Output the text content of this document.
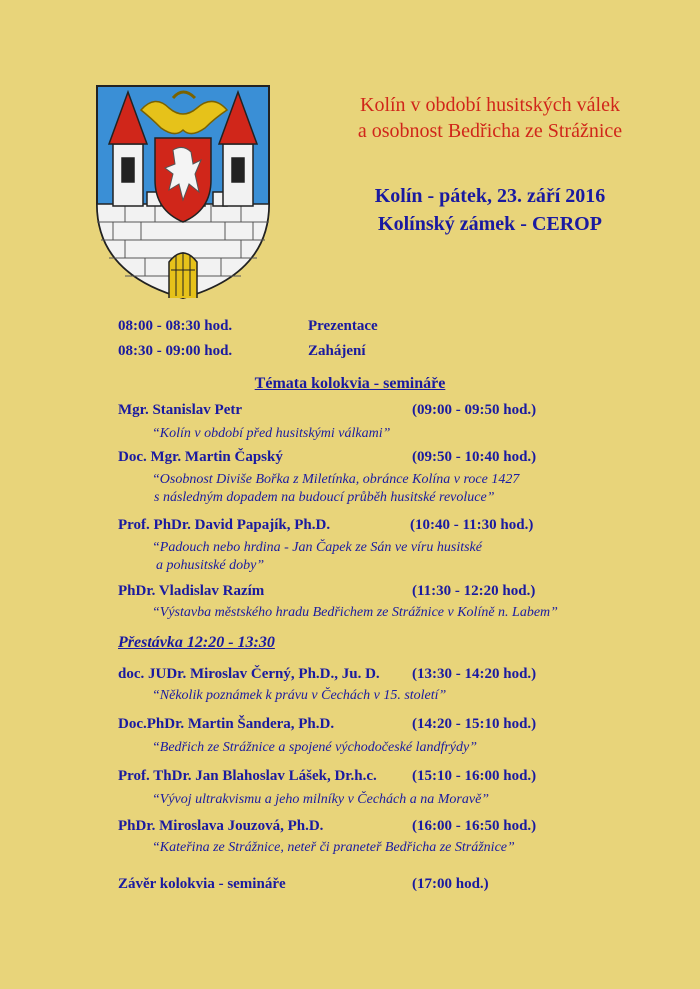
Kolín v období husitských válek
a osobnost Bedřicha ze Strážnice
Kolín - pátek, 23. září 2016
Kolínský zámek - CEROP
08:00 - 08:30 hod.	Prezentace
08:30 - 09:00 hod.	Zahájení
Témata kolokvia - semináře
Mgr. Stanislav Petr	(09:00 - 09:50 hod.)
“Kolín v období před husitskými válkami”
Doc. Mgr. Martin Čapský	(09:50 - 10:40 hod.)
“Osobnost Diviše Bořka z Miletínka, obránce Kolína v roce 1427
s následným dopadem na budoucí průběh husitské revoluce”
Prof. PhDr. David Papajík, Ph.D.	(10:40 - 11:30 hod.)
“Padouch nebo hrdina - Jan Čapek ze Sán ve víru husitské
a pohusitské doby”
PhDr. Vladislav Razím	(11:30 - 12:20 hod.)
“Výstavba městského hradu Bedřichem ze Strážnice v Kolíně n. Labem”
Přestávka 12:20 - 13:30
doc. JUDr. Miroslav Černý, Ph.D., Ju. D. (13:30 - 14:20 hod.)
“Několik poznámek k právu v Čechách v 15. století”
Doc.PhDr. Martin Šandera, Ph.D.	(14:20 - 15:10 hod.)
“Bedřich ze Strážnice a spojené východočeské landfrýdy”
Prof. ThDr. Jan Blahoslav Lášek, Dr.h.c. (15:10 - 16:00 hod.)
“Vývoj ultrakvismu a jeho milníky v Čechách a na Moravě”
PhDr. Miroslava Jouzová, Ph.D.	(16:00 - 16:50 hod.)
“Kateřina ze Strážnice, neteř či praneteř Bedřicha ze Strážnice”
Závěr kolokvia - semináře	(17:00 hod.)
